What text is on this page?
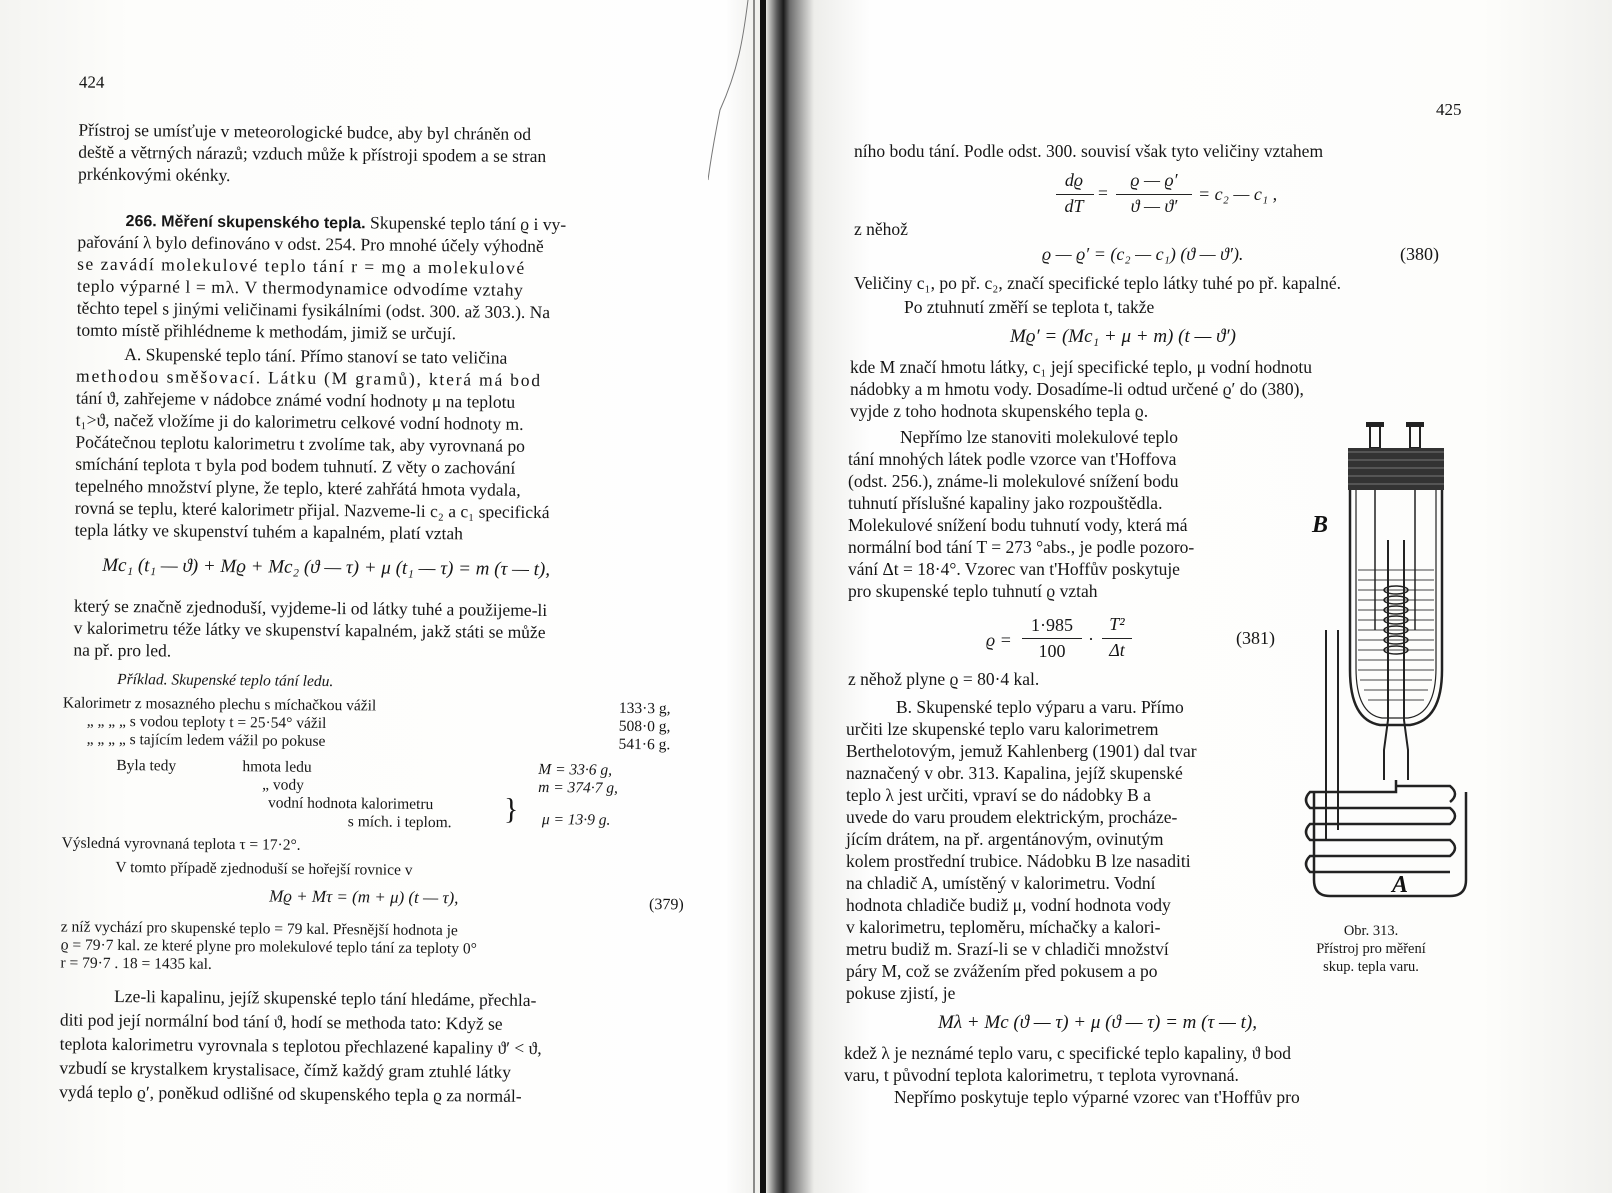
424
Přístroj se umísťuje v meteorologické budce, aby byl chráněn od
deště a větrných nárazů; vzduch může k přístroji spodem a se stran
prkénkovými okénky.
266. Měření skupenského tepla. Skupenské teplo tání ϱ i vy-
pařování λ bylo definováno v odst. 254. Pro mnohé účely výhodně
se zavádí molekulové teplo tání r = mϱ a molekulové
teplo výparné l = mλ. V thermodynamice odvodíme vztahy
těchto tepel s jinými veličinami fysikálními (odst. 300. až 303.). Na
tomto místě přihlédneme k methodám, jimiž se určují.
A. Skupenské teplo tání. Přímo stanoví se tato veličina
methodou směšovací. Látku (M gramů), která má bod
tání ϑ, zahřejeme v nádobce známé vodní hodnoty μ na teplotu
t₁>ϑ, načež vložíme ji do kalorimetru celkové vodní hodnoty m.
Počátečnou teplotu kalorimetru t zvolíme tak, aby vyrovnaná po
smíchání teplota τ byla pod bodem tuhnutí. Z věty o zachování
tepelného množství plyne, že teplo, které zahřátá hmota vydala,
rovná se teplu, které kalorimetr přijal. Nazveme-li c₂ a c₁ specifická
tepla látky ve skupenství tuhém a kapalném, platí vztah
Mc₁ (t₁ — ϑ) + Mϱ + Mc₂ (ϑ — τ) + μ (t₁ — τ) = m (τ — t),
který se značně zjednoduší, vyjdeme-li od látky tuhé a použijeme-li
v kalorimetru téže látky ve skupenství kapalném, jakž státi se může
na př. pro led.
Příklad. Skupenské teplo tání ledu.
Kalorimetr z mosazného plechu s míchačkou vážil	133·3 g,
„ „ „ „ s vodou teploty t = 25·54° vážil	508·0 g,
„ „ „ „ s tajícím ledem vážil po pokuse	541·6 g.
Byla tedy	hmota ledu	M = 33·6 g,
„ vody	m = 374·7 g,
vodní hodnota kalorimetru
s mích. i teplom.	μ = 13·9 g.
}
Výsledná vyrovnaná teplota τ = 17·2°.
V tomto případě zjednoduší se hořejší rovnice v
Mϱ + Mτ = (m + μ) (t — τ),	(379)
z níž vychází pro skupenské teplo = 79 kal. Přesnější hodnota je
ϱ = 79·7 kal. ze které plyne pro molekulové teplo tání za teploty 0°
r = 79·7 . 18 = 1435 kal.
Lze-li kapalinu, jejíž skupenské teplo tání hledáme, přechla-
diti pod její normální bod tání ϑ, hodí se methoda tato: Když se
teplota kalorimetru vyrovnala s teplotou přechlazené kapaliny ϑ′ < ϑ,
vzbudí se krystalkem krystalisace, čímž každý gram ztuhlé látky
vydá teplo ϱ′, poněkud odlišné od skupenského tepla ϱ za normál-
425
ního bodu tání. Podle odst. 300. souvisí však tyto veličiny vztahem
dϱ
dT
=
ϱ — ϱ′
ϑ — ϑ′
= c₂ — c₁ ,
z něhož
ϱ — ϱ′ = (c₂ — c₁) (ϑ — ϑ′).	(380)
Veličiny c₁, po př. c₂, značí specifické teplo látky tuhé po př. kapalné.
Po ztuhnutí změří se teplota t, takže
Mϱ′ = (Mc₁ + μ + m) (t — ϑ′)
kde M značí hmotu látky, c₁ její specifické teplo, μ vodní hodnotu
nádobky a m hmotu vody. Dosadíme-li odtud určené ϱ′ do (380),
vyjde z toho hodnota skupenského tepla ϱ.
Nepřímo lze stanoviti molekulové teplo
tání mnohých látek podle vzorce van t'Hoffova
(odst. 256.), známe-li molekulové snížení bodu
tuhnutí příslušné kapaliny jako rozpouštědla.
Molekulové snížení bodu tuhnutí vody, která má
normální bod tání T = 273 °abs., je podle pozoro-
vání Δt = 18·4°. Vzorec van t'Hoffův poskytuje
pro skupenské teplo tuhnutí ϱ vztah
ϱ =
1·985
100
·
T²
Δt
(381)
z něhož plyne ϱ = 80·4 kal.
B. Skupenské teplo výparu a varu. Přímo
určiti lze skupenské teplo varu kalorimetrem
Berthelotovým, jemuž Kahlenberg (1901) dal tvar
naznačený v obr. 313. Kapalina, jejíž skupenské
teplo λ jest určiti, vpraví se do nádobky B a
uvede do varu proudem elektrickým, procháze-
jícím drátem, na př. argentánovým, ovinutým
kolem prostřední trubice. Nádobku B lze nasaditi
na chladič A, umístěný v kalorimetru. Vodní
hodnota chladiče budiž μ, vodní hodnota vody
v kalorimetru, teploměru, míchačky a kalori-
metru budiž m. Srazí-li se v chladiči množství
páry M, což se zvážením před pokusem a po
pokuse zjistí, je
Mλ + Mc (ϑ — τ) + μ (ϑ — τ) = m (τ — t),
kdež λ je neznámé teplo varu, c specifické teplo kapaliny, ϑ bod
varu, t původní teplota kalorimetru, τ teplota vyrovnaná.
Nepřímo poskytuje teplo výparné vzorec van t'Hoffův pro
B
A
Obr. 313.
Přístroj pro měření
skup. tepla varu.
